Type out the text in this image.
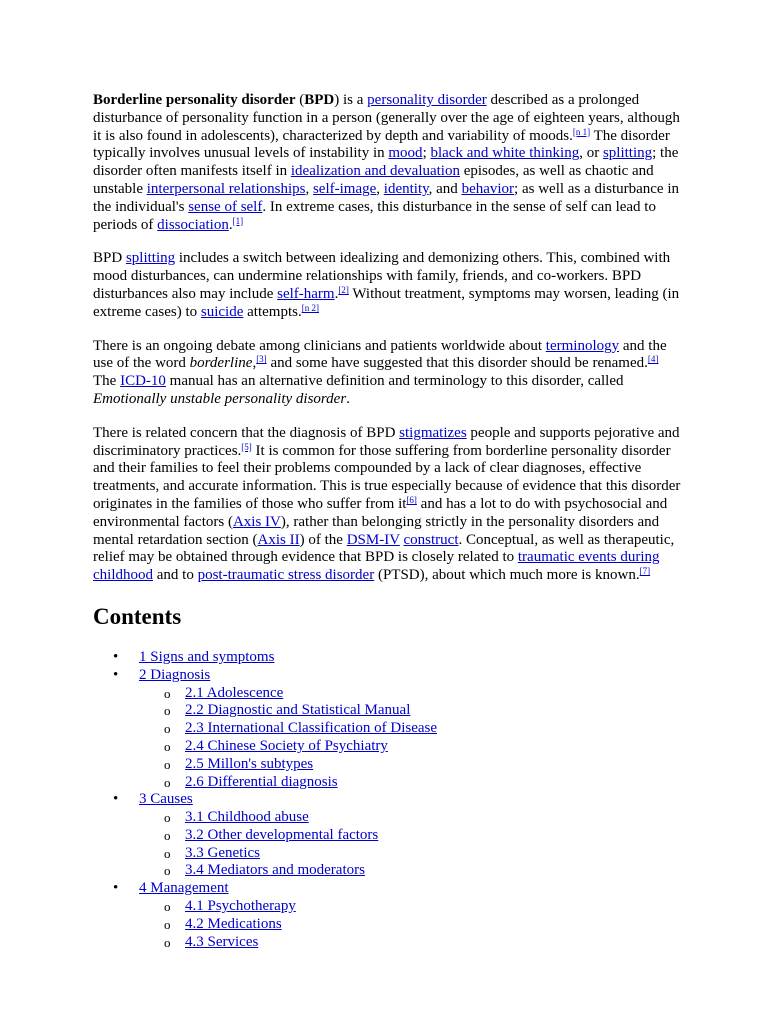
Borderline personality disorder (BPD) is a personality disorder described as a prolonged disturbance of personality function in a person (generally over the age of eighteen years, although it is also found in adolescents), characterized by depth and variability of moods.[n 1] The disorder typically involves unusual levels of instability in mood; black and white thinking, or splitting; the disorder often manifests itself in idealization and devaluation episodes, as well as chaotic and unstable interpersonal relationships, self-image, identity, and behavior; as well as a disturbance in the individual's sense of self. In extreme cases, this disturbance in the sense of self can lead to periods of dissociation.[1]

BPD splitting includes a switch between idealizing and demonizing others. This, combined with mood disturbances, can undermine relationships with family, friends, and co-workers. BPD disturbances also may include self-harm.[2] Without treatment, symptoms may worsen, leading (in extreme cases) to suicide attempts.[n 2]

There is an ongoing debate among clinicians and patients worldwide about terminology and the use of the word borderline,[3] and some have suggested that this disorder should be renamed.[4] The ICD-10 manual has an alternative definition and terminology to this disorder, called Emotionally unstable personality disorder.

There is related concern that the diagnosis of BPD stigmatizes people and supports pejorative and discriminatory practices.[5] It is common for those suffering from borderline personality disorder and their families to feel their problems compounded by a lack of clear diagnoses, effective treatments, and accurate information. This is true especially because of evidence that this disorder originates in the families of those who suffer from it[6] and has a lot to do with psychosocial and environmental factors (Axis IV), rather than belonging strictly in the personality disorders and mental retardation section (Axis II) of the DSM-IV construct. Conceptual, as well as therapeutic, relief may be obtained through evidence that BPD is closely related to traumatic events during childhood and to post-traumatic stress disorder (PTSD), about which much more is known.[7]

Contents
• 1 Signs and symptoms
• 2 Diagnosis
o 2.1 Adolescence
o 2.2 Diagnostic and Statistical Manual
o 2.3 International Classification of Disease
o 2.4 Chinese Society of Psychiatry
o 2.5 Millon's subtypes
o 2.6 Differential diagnosis
• 3 Causes
o 3.1 Childhood abuse
o 3.2 Other developmental factors
o 3.3 Genetics
o 3.4 Mediators and moderators
• 4 Management
o 4.1 Psychotherapy
o 4.2 Medications
o 4.3 Services
